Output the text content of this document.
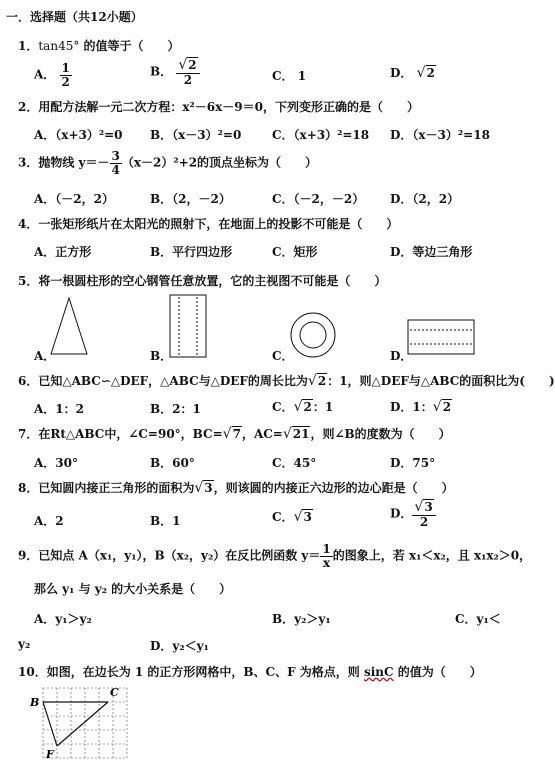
一．选择题（共12小题）
1．tan45° 的值等于（　　）
A． $\frac{1}{2}$	B． $\frac{√2}{2}$	C． 1	D． √2
2．用配方法解一元二次方程：x²－6x－9＝0，下列变形正确的是（　　）
A．（x+3）²=0 B．（x－3）²=0	C．（x+3）²=18 D．（x－3）²=18
3．抛物线 $y=- \frac{3}{4} (x-2)^2+2$的顶点坐标为（　　）
A．（－2，2）	B．（2，－2）	C．（－2，－2） D．（2，2）
4．一张矩形纸片在太阳光的照射下，在地面上的投影不可能是（　　）
A．正方形	B．平行四边形	C．矩形	D．等边三角形
5．将一根圆柱形的空心钢管任意放置，它的主视图不可能是（　　）
A．	B．	C．	D．
6．已知△ABC∽△DEF，△ABC与△DEF的周长比为√2：1，则△DEF与△ABC的面积比为(　　)
A．1：2	B．2：1	C．√2：1	D．1：√2
7．在Rt△ABC中，∠C=90°，BC=√7，AC=√21，则∠B的度数为（　　）
A．30°	B．60°	C．45°	D．75°
8．已知圆内接正三角形的面积为√3，则该圆的内接正六边形的边心距是（　　）
A．2	B．1	C．√3	D． $\frac{√3}{2}$
9．已知点 A（x₁，y₁），B（x₂，y₂）在反比例函数 $y= \frac{1}{x}$ 的图象上，若 x₁＜x₂，且 x₁x₂＞0，
那么 y₁ 与 y₂ 的大小关系是（　　）
A．y₁＞y₂	B．y₂＞y₁	C．y₁＜
y₂	D．y₂＜y₁
10．如图，在边长为 1 的正方形网格中，B、C、F 为格点，则 sinC 的值为（　　）
B
C
F
